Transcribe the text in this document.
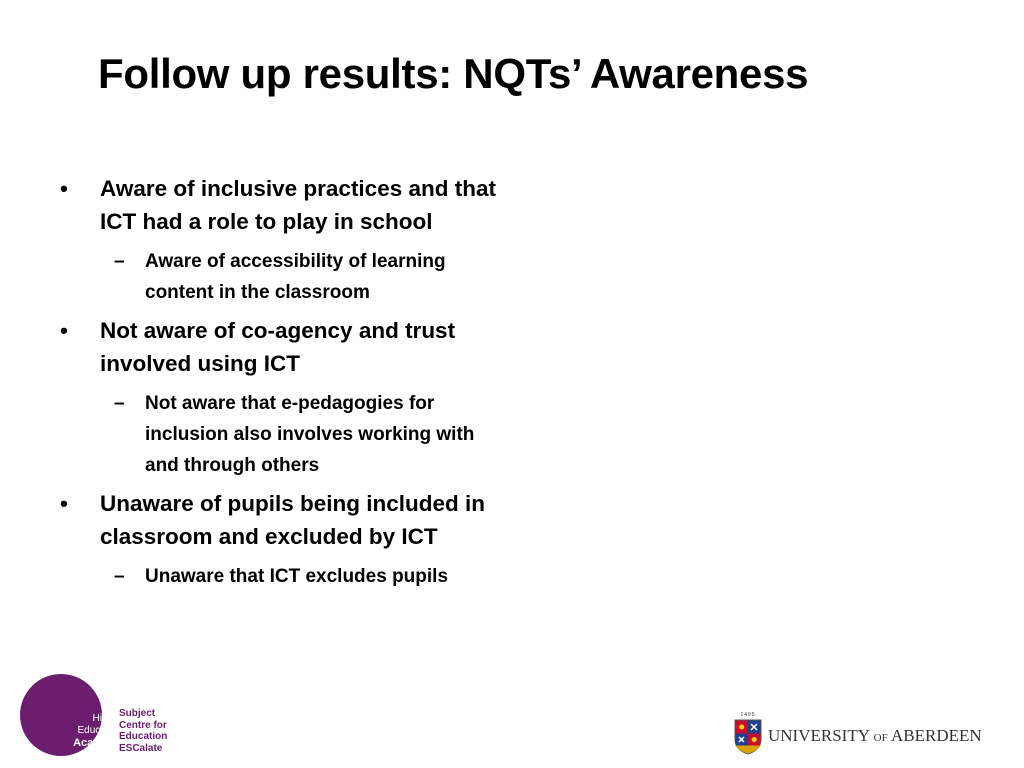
Follow up results: NQTs’ Awareness
• Aware of inclusive practices and that
ICT had a role to play in school
– Aware of accessibility of learning
content in the classroom
• Not aware of co-agency and trust
involved using ICT
– Not aware that e-pedagogies for
inclusion also involves working with
and through others
• Unaware of pupils being included in
classroom and excluded by ICT
– Unaware that ICT excludes pupils
The
Higher
Education
Academy
Subject
Centre for
Education
ESCalate
1495
UNIVERSITY OF ABERDEEN
